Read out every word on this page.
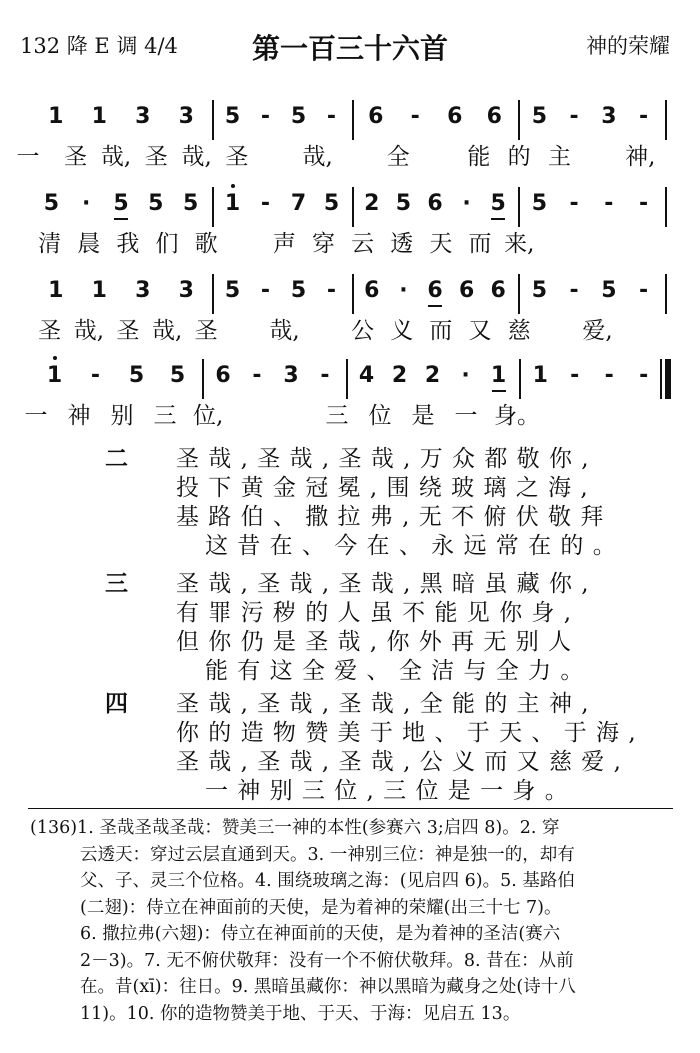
132 降 E 调 4/4	第一百三十六首	神的荣耀
1 1 3 3 5 - 5 -	6	-	6 6 5	-	3	-
一 圣 哉, 圣 哉, 圣 哉, 全	能 的 主 神,
5	·	5 5 5 1 - 7 5 2 5 6 · 5 5	-	-	-
清 晨 我 们 歌 声 穿 云 透 天 而 来,
1 1 3 3 5 - 5 -	6 · 6 6 6 5	-	5	-
圣 哉, 圣 哉, 圣 哉, 公 义 而 又 慈 爱,
1	-	5 5 6 - 3 -	4 2 2 · 1 1	-	-	-
一 神 别 三 位,	三 位 是 一 身。
二 圣 哉 , 圣 哉 , 圣 哉 , 万 众 都 敬 你 ,
投 下 黄 金 冠 冕 , 围 绕 玻 璃 之 海 ,
基 路 伯 、 撒 拉 弗 , 无 不 俯 伏 敬 拜
这 昔 在 、 今 在 、 永 远 常 在 的 。
三 圣 哉 , 圣 哉 , 圣 哉 , 黑 暗 虽 藏 你 ,
有 罪 污 秽 的 人 虽 不 能 见 你 身 ,
但 你 仍 是 圣 哉 , 你 外 再 无 别 人
能 有 这 全 爱 、 全 洁 与 全 力 。
四 圣 哉 , 圣 哉 , 圣 哉 , 全 能 的 主 神 ,
你 的 造 物 赞 美 于 地 、 于 天 、 于 海 ,
圣 哉 , 圣 哉 , 圣 哉 , 公 义 而 又 慈 爱 ,
一 神 别 三 位 , 三 位 是 一 身 。
(136)1. 圣哉圣哉圣哉：赞美三一神的本性(参赛六 3;启四 8)。2. 穿
云透天：穿过云层直通到天。3. 一神别三位：神是独一的，却有
父、子、灵三个位格。4. 围绕玻璃之海：(见启四 6)。5. 基路伯
(二翅)：侍立在神面前的天使，是为着神的荣耀(出三十七 7)。
6. 撒拉弗(六翅)：侍立在神面前的天使，是为着神的圣洁(赛六
2－3)。7. 无不俯伏敬拜：没有一个不俯伏敬拜。8. 昔在：从前
在。昔(xī)：往日。9. 黑暗虽藏你：神以黑暗为藏身之处(诗十八
11)。10. 你的造物赞美于地、于天、于海：见启五 13。
